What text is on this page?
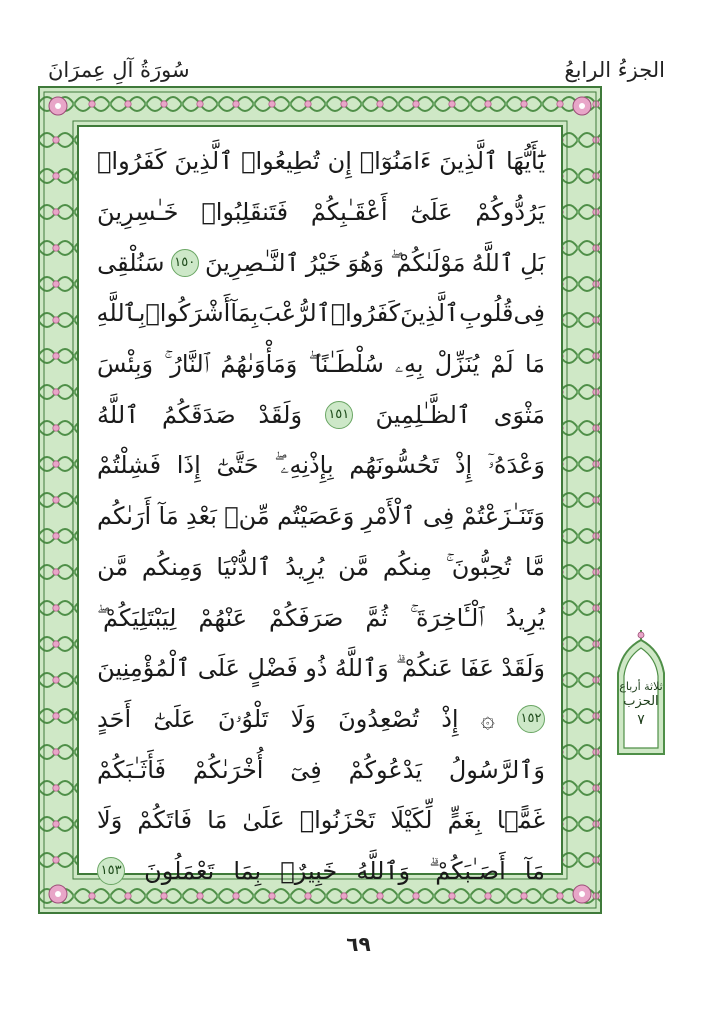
الجزءُ الرابعُ
سُورَةُ آلِ عِمرَانَ
يَٰٓأَيُّهَا
ٱلَّذِينَ
ءَامَنُوٓا۟
إِن
تُطِيعُوا۟
ٱلَّذِينَ
كَفَرُوا۟
يَرُدُّوكُمْ
عَلَىٰٓ
أَعْقَـٰبِكُمْ
فَتَنقَلِبُوا۟
خَـٰسِرِينَ
بَلِ
ٱللَّهُ
مَوْلَىٰكُمْ ۖ
وَهُوَ
خَيْرُ
ٱلنَّـٰصِرِينَ
١٥٠
سَنُلْقِى
فِى
قُلُوبِ
ٱلَّذِينَ
كَفَرُوا۟
ٱلرُّعْبَ
بِمَآ
أَشْرَكُوا۟
بِٱللَّهِ
مَا
لَمْ
يُنَزِّلْ
بِهِۦ
سُلْطَـٰنًا ۖ
وَمَأْوَىٰهُمُ
ٱلنَّارُ ۚ
وَبِئْسَ
مَثْوَى
ٱلظَّـٰلِمِينَ
١٥١
وَلَقَدْ
صَدَقَكُمُ
ٱللَّهُ
وَعْدَهُۥٓ
إِذْ
تَحُسُّونَهُم
بِإِذْنِهِۦ ۖ
حَتَّىٰٓ
إِذَا
فَشِلْتُمْ
وَتَنَـٰزَعْتُمْ
فِى
ٱلْأَمْرِ
وَعَصَيْتُم
مِّنۢ
بَعْدِ
مَآ
أَرَىٰكُم
مَّا
تُحِبُّونَ ۚ
مِنكُم
مَّن
يُرِيدُ
ٱلدُّنْيَا
وَمِنكُم
مَّن
يُرِيدُ
ٱلْـَٔاخِرَةَ ۚ
ثُمَّ
صَرَفَكُمْ
عَنْهُمْ
لِيَبْتَلِيَكُمْ ۖ
وَلَقَدْ
عَفَا
عَنكُمْ ۗ
وَٱللَّهُ
ذُو
فَضْلٍ
عَلَى
ٱلْمُؤْمِنِينَ
١٥٢
۞
إِذْ
تُصْعِدُونَ
وَلَا
تَلْوُۥنَ
عَلَىٰٓ
أَحَدٍ
وَٱلرَّسُولُ
يَدْعُوكُمْ
فِىٓ
أُخْرَىٰكُمْ
فَأَثَـٰبَكُمْ
غَمًّۢا
بِغَمٍّ
لِّكَيْلَا
تَحْزَنُوا۟
عَلَىٰ
مَا
فَاتَكُمْ
وَلَا
مَآ
أَصَـٰبَكُمْ ۗ
وَٱللَّهُ
خَبِيرٌۢ
بِمَا
تَعْمَلُونَ
١٥٣
ثلاثة أرباع
الحزب
٧
٦٩
